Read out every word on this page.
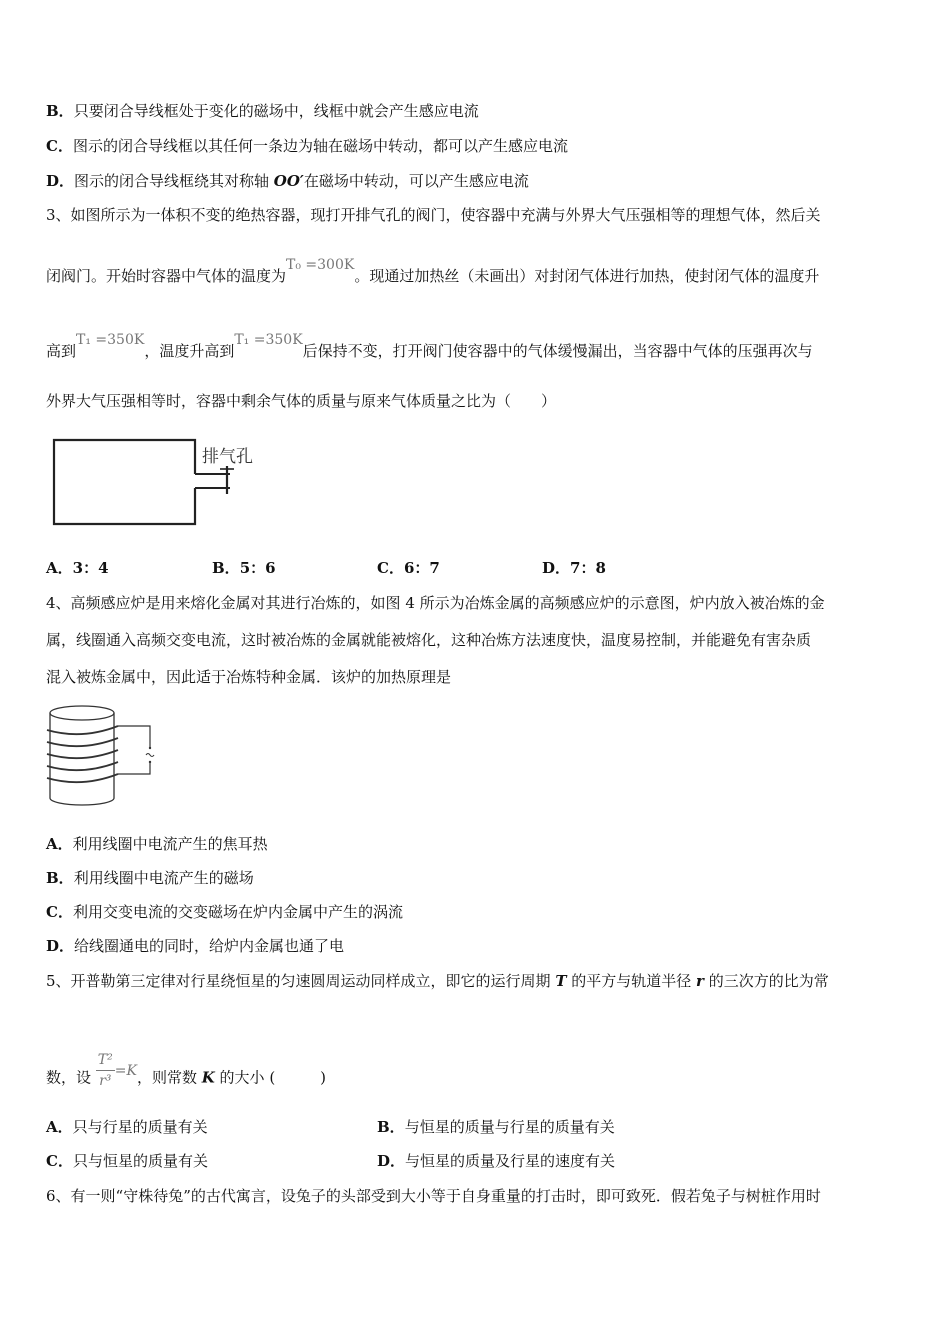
B．只要闭合导线框处于变化的磁场中，线框中就会产生感应电流
C．图示的闭合导线框以其任何一条边为轴在磁场中转动，都可以产生感应电流
D．图示的闭合导线框绕其对称轴 OO′在磁场中转动，可以产生感应电流
3、如图所示为一体积不变的绝热容器，现打开排气孔的阀门，使容器中充满与外界大气压强相等的理想气体，然后关
闭阀门。开始时容器中气体的温度为T₀ =300K。现通过加热丝（未画出）对封闭气体进行加热，使封闭气体的温度升
高到T₁ =350K，温度升高到T₁ =350K后保持不变，打开阀门使容器中的气体缓慢漏出，当容器中气体的压强再次与
外界大气压强相等时，容器中剩余气体的质量与原来气体质量之比为（　　）
排气孔
A．3：4	B．5：6	C．6：7	D．7：8
4、高频感应炉是用来熔化金属对其进行冶炼的，如图 4 所示为冶炼金属的高频感应炉的示意图，炉内放入被冶炼的金
属，线圈通入高频交变电流，这时被冶炼的金属就能被熔化，这种冶炼方法速度快，温度易控制，并能避免有害杂质
混入被炼金属中，因此适于冶炼特种金属．该炉的加热原理是
A．利用线圈中电流产生的焦耳热
B．利用线圈中电流产生的磁场
C．利用交变电流的交变磁场在炉内金属中产生的涡流
D．给线圈通电的同时，给炉内金属也通了电
5、开普勒第三定律对行星绕恒星的匀速圆周运动同样成立，即它的运行周期 T 的平方与轨道半径 r 的三次方的比为常
数，设 $\frac{\text{T²}}{\text{r³}} =K$，则常数 K 的大小 (　　　)
A．只与行星的质量有关	B．与恒星的质量与行星的质量有关
C．只与恒星的质量有关	D．与恒星的质量及行星的速度有关
6、有一则“守株待兔”的古代寓言，设兔子的头部受到大小等于自身重量的打击时，即可致死．假若兔子与树桩作用时
